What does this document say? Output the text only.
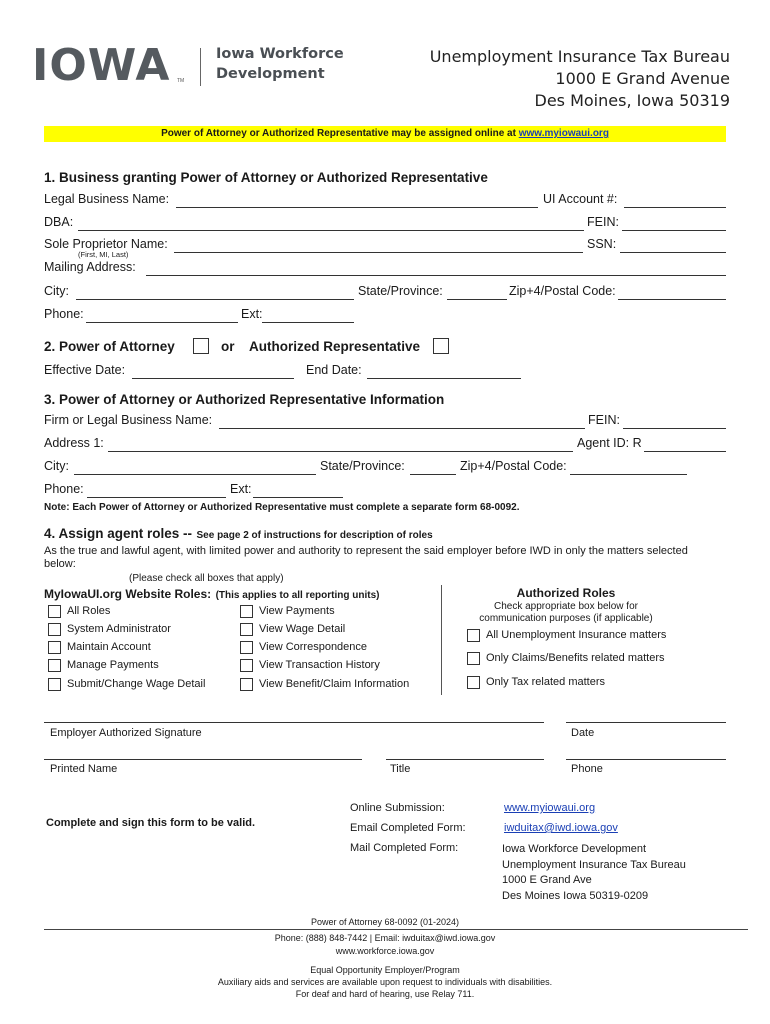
IOWA TM
Iowa Workforce
Development
Unemployment Insurance Tax Bureau
1000 E Grand Avenue
Des Moines, Iowa 50319
Power of Attorney or Authorized Representative may be assigned online at www.myiowaui.org
1. Business granting Power of Attorney or Authorized Representative
Legal Business Name:	UI Account #:
DBA:	FEIN:
Sole Proprietor Name:	SSN:
(First, MI, Last)
Mailing Address:
City:	State/Province:	Zip+4/Postal Code:
Phone:	Ext:
2. Power of Attorney	or Authorized Representative
Effective Date:	End Date:
3. Power of Attorney or Authorized Representative Information
Firm or Legal Business Name:	FEIN:
Address 1:	Agent ID: R
City:	State/Province:	Zip+4/Postal Code:
Phone:	Ext:
Note: Each Power of Attorney or Authorized Representative must complete a separate form 68-0092.
4. Assign agent roles -- See page 2 of instructions for description of roles
As the true and lawful agent, with limited power and authority to represent the said employer before IWD in only the matters selected
below:
(Please check all boxes that apply)
MyIowaUI.org Website Roles: (This applies to all reporting units)
All Roles
System Administrator
Maintain Account
Manage Payments
Submit/Change Wage Detail
View Payments
View Wage Detail
View Correspondence
View Transaction History
View Benefit/Claim Information
Authorized Roles
Check appropriate box below for
communication purposes (if applicable)
All Unemployment Insurance matters
Only Claims/Benefits related matters
Only Tax related matters
Employer Authorized Signature	Date
Printed Name	Title	Phone
Complete and sign this form to be valid.
Online Submission:	www.myiowaui.org
Email Completed Form:	iwduitax@iwd.iowa.gov
Mail Completed Form:	Iowa Workforce Development
Unemployment Insurance Tax Bureau
1000 E Grand Ave
Des Moines Iowa 50319-0209
Power of Attorney 68-0092 (01-2024)
Phone: (888) 848-7442 | Email: iwduitax@iwd.iowa.gov
www.workforce.iowa.gov
Equal Opportunity Employer/Program
Auxiliary aids and services are available upon request to individuals with disabilities.
For deaf and hard of hearing, use Relay 711.
